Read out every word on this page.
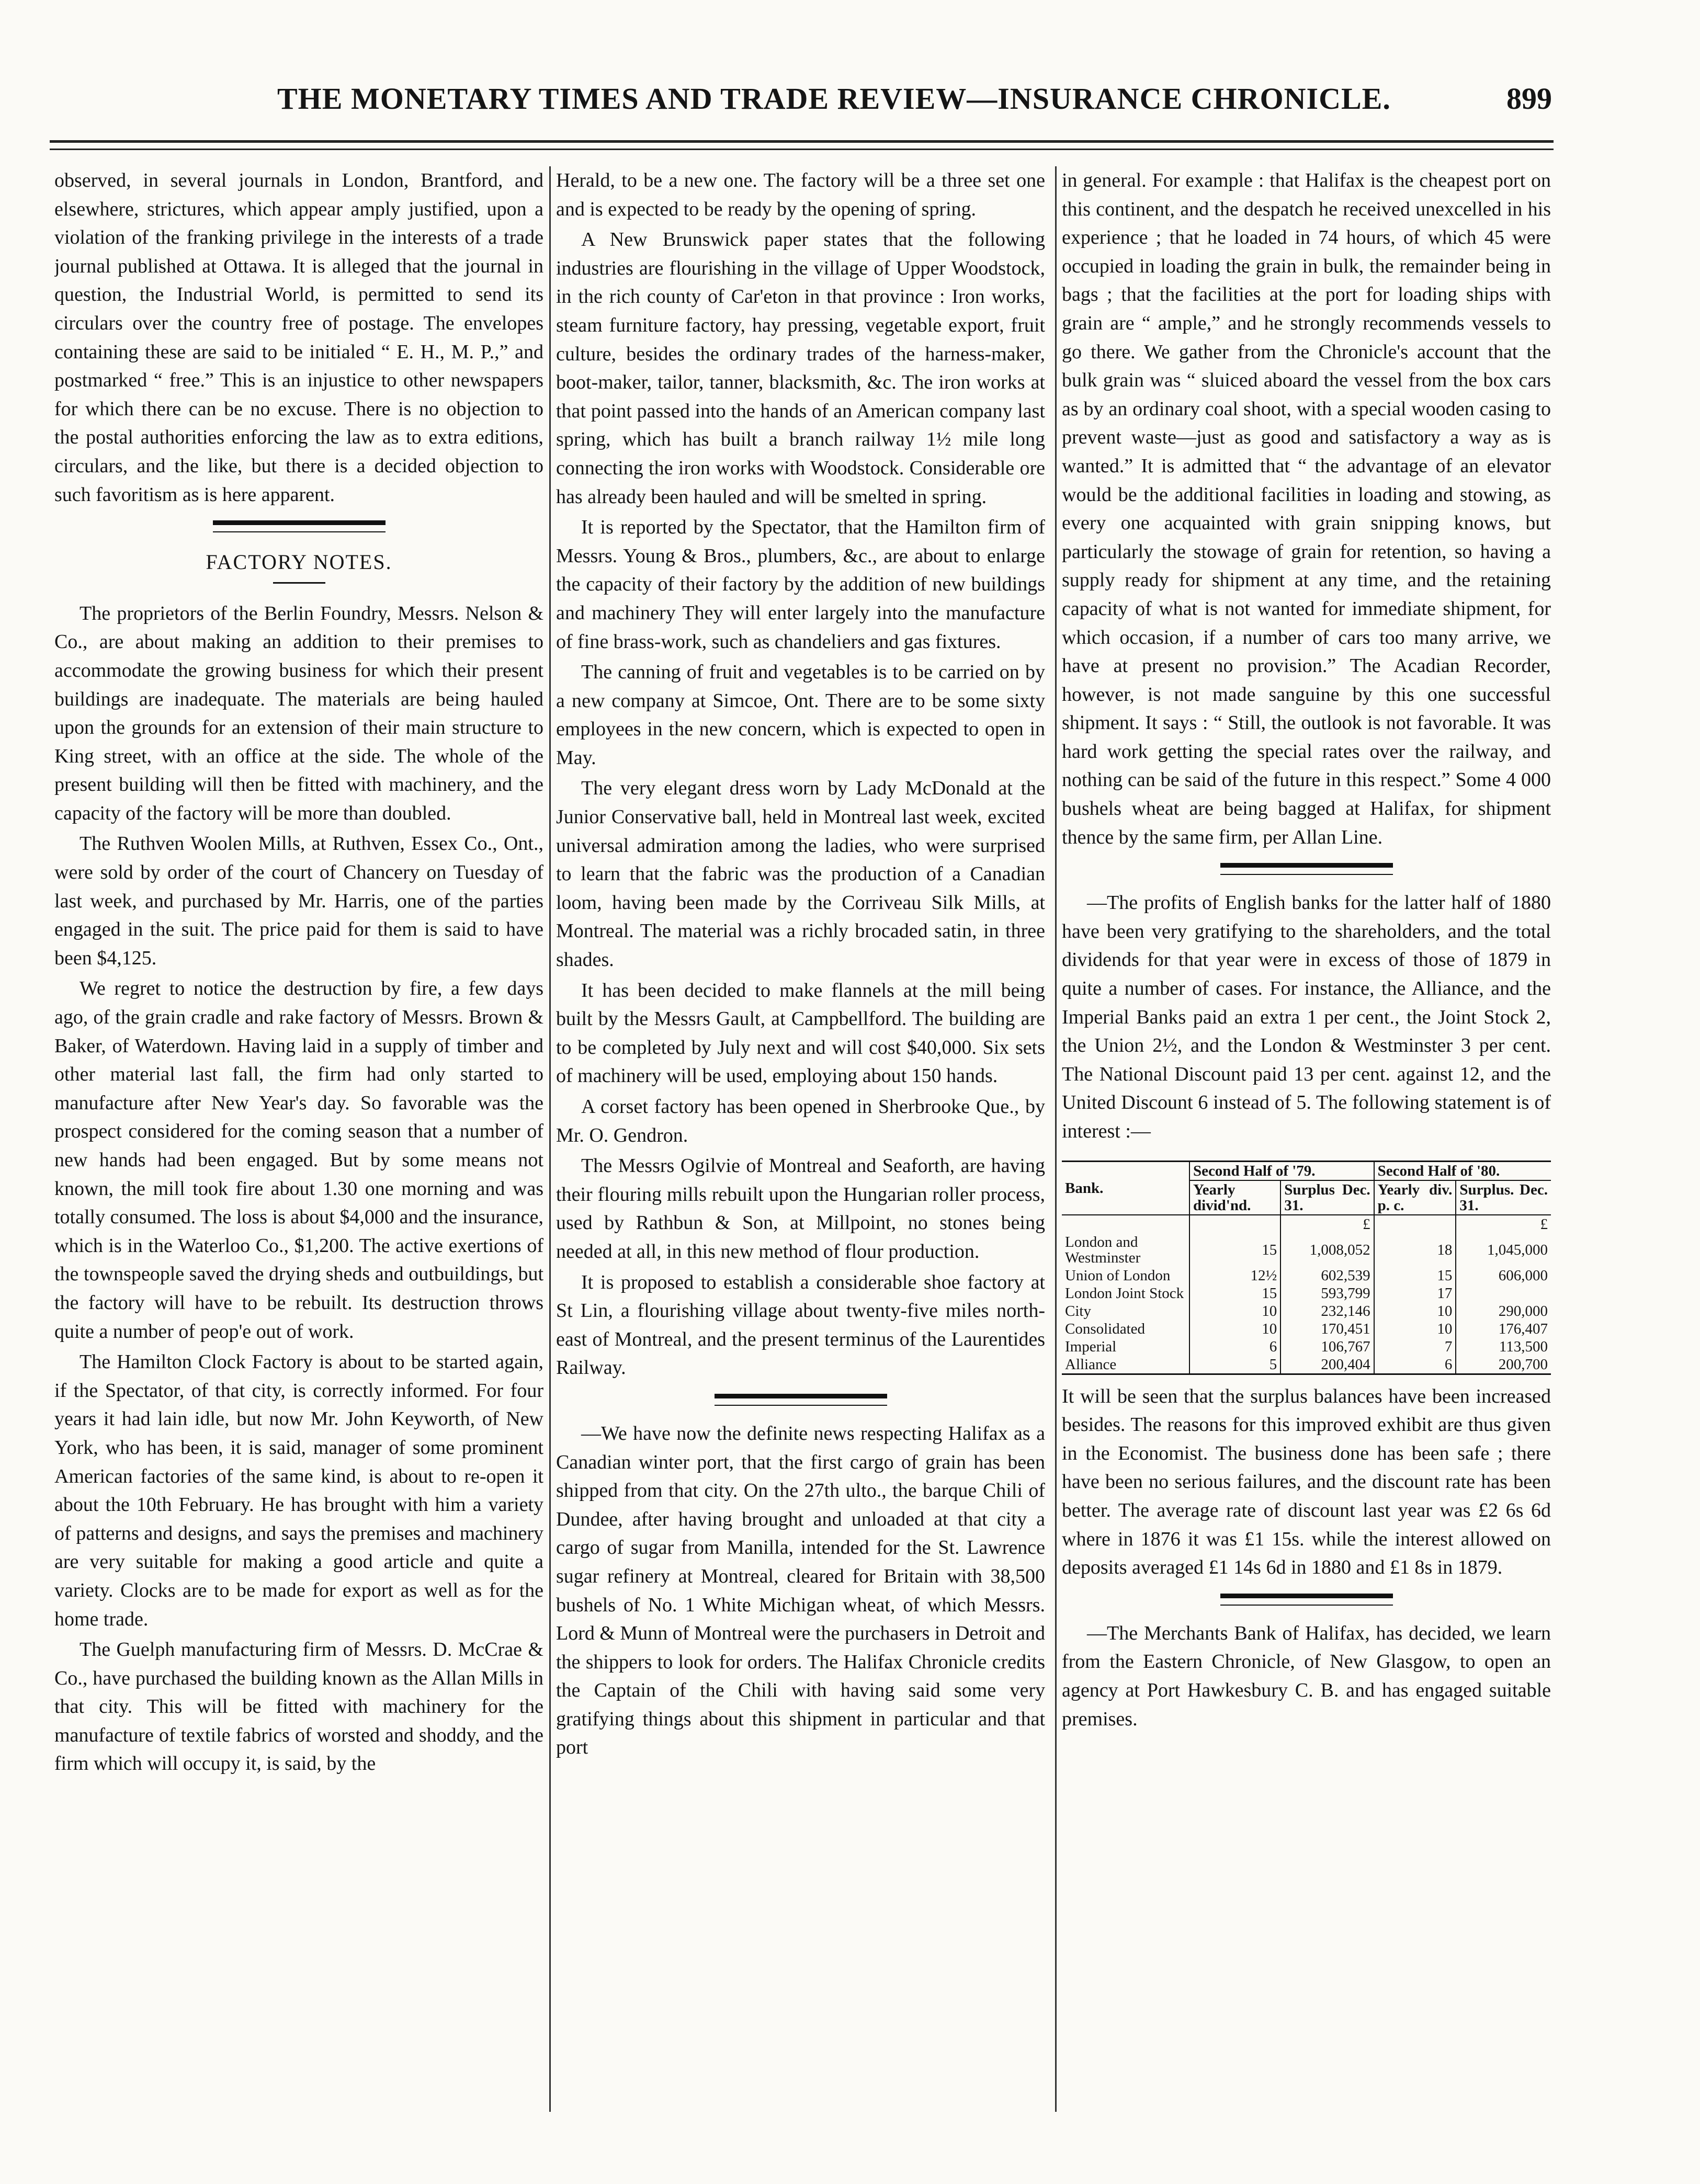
THE MONETARY TIMES AND TRADE REVIEW—INSURANCE CHRONICLE.	899

observed, in several journals in London, Brantford, and elsewhere, strictures, which appear amply justified, upon a violation of the franking privilege in the interests of a trade journal published at Ottawa. It is alleged that the journal in question, the Industrial World, is permitted to send its circulars over the country free of postage. The envelopes containing these are said to be initialed “ E. H., M. P.,” and postmarked “ free.” This is an injustice to other newspapers for which there can be no excuse. There is no objection to the postal authorities enforcing the law as to extra editions, circulars, and the like, but there is a decided objection to such favoritism as is here apparent.

FACTORY NOTES.

The proprietors of the Berlin Foundry, Messrs. Nelson & Co., are about making an addition to their premises to accommodate the growing business for which their present buildings are inadequate. The materials are being hauled upon the grounds for an extension of their main structure to King street, with an office at the side. The whole of the present building will then be fitted with machinery, and the capacity of the factory will be more than doubled.

The Ruthven Woolen Mills, at Ruthven, Essex Co., Ont., were sold by order of the court of Chancery on Tuesday of last week, and purchased by Mr. Harris, one of the parties engaged in the suit. The price paid for them is said to have been $4,125.

We regret to notice the destruction by fire, a few days ago, of the grain cradle and rake factory of Messrs. Brown & Baker, of Waterdown. Having laid in a supply of timber and other material last fall, the firm had only started to manufacture after New Year's day. So favorable was the prospect considered for the coming season that a number of new hands had been engaged. But by some means not known, the mill took fire about 1.30 one morning and was totally consumed. The loss is about $4,000 and the insurance, which is in the Waterloo Co., $1,200. The active exertions of the townspeople saved the drying sheds and outbuildings, but the factory will have to be rebuilt. Its destruction throws quite a number of peop'e out of work.

The Hamilton Clock Factory is about to be started again, if the Spectator, of that city, is correctly informed. For four years it had lain idle, but now Mr. John Keyworth, of New York, who has been, it is said, manager of some prominent American factories of the same kind, is about to re-open it about the 10th February. He has brought with him a variety of patterns and designs, and says the premises and machinery are very suitable for making a good article and quite a variety. Clocks are to be made for export as well as for the home trade.

The Guelph manufacturing firm of Messrs. D. McCrae & Co., have purchased the building known as the Allan Mills in that city. This will be fitted with machinery for the manufacture of textile fabrics of worsted and shoddy, and the firm which will occupy it, is said, by the

Herald, to be a new one. The factory will be a three set one and is expected to be ready by the opening of spring.

A New Brunswick paper states that the following industries are flourishing in the village of Upper Woodstock, in the rich county of Car'eton in that province : Iron works, steam furniture factory, hay pressing, vegetable export, fruit culture, besides the ordinary trades of the harness-maker, boot-maker, tailor, tanner, blacksmith, &c. The iron works at that point passed into the hands of an American company last spring, which has built a branch railway 1½ mile long connecting the iron works with Woodstock. Considerable ore has already been hauled and will be smelted in spring.

It is reported by the Spectator, that the Hamilton firm of Messrs. Young & Bros., plumbers, &c., are about to enlarge the capacity of their factory by the addition of new buildings and machinery They will enter largely into the manufacture of fine brass-work, such as chandeliers and gas fixtures.

The canning of fruit and vegetables is to be carried on by a new company at Simcoe, Ont. There are to be some sixty employees in the new concern, which is expected to open in May.

The very elegant dress worn by Lady McDonald at the Junior Conservative ball, held in Montreal last week, excited universal admiration among the ladies, who were surprised to learn that the fabric was the production of a Canadian loom, having been made by the Corriveau Silk Mills, at Montreal. The material was a richly brocaded satin, in three shades.

It has been decided to make flannels at the mill being built by the Messrs Gault, at Campbellford. The building are to be completed by July next and will cost $40,000. Six sets of machinery will be used, employing about 150 hands.

A corset factory has been opened in Sherbrooke Que., by Mr. O. Gendron.

The Messrs Ogilvie of Montreal and Seaforth, are having their flouring mills rebuilt upon the Hungarian roller process, used by Rathbun & Son, at Millpoint, no stones being needed at all, in this new method of flour production.

It is proposed to establish a considerable shoe factory at St Lin, a flourishing village about twenty-five miles north-east of Montreal, and the present terminus of the Laurentides Railway.

—We have now the definite news respecting Halifax as a Canadian winter port, that the first cargo of grain has been shipped from that city. On the 27th ulto., the barque Chili of Dundee, after having brought and unloaded at that city a cargo of sugar from Manilla, intended for the St. Lawrence sugar refinery at Montreal, cleared for Britain with 38,500 bushels of No. 1 White Michigan wheat, of which Messrs. Lord & Munn of Montreal were the purchasers in Detroit and the shippers to look for orders. The Halifax Chronicle credits the Captain of the Chili with having said some very gratifying things about this shipment in particular and that port

in general. For example : that Halifax is the cheapest port on this continent, and the despatch he received unexcelled in his experience ; that he loaded in 74 hours, of which 45 were occupied in loading the grain in bulk, the remainder being in bags ; that the facilities at the port for loading ships with grain are “ ample,” and he strongly recommends vessels to go there. We gather from the Chronicle's account that the bulk grain was “ sluiced aboard the vessel from the box cars as by an ordinary coal shoot, with a special wooden casing to prevent waste—just as good and satisfactory a way as is wanted.” It is admitted that “ the advantage of an elevator would be the additional facilities in loading and stowing, as every one acquainted with grain snipping knows, but particularly the stowage of grain for retention, so having a supply ready for shipment at any time, and the retaining capacity of what is not wanted for immediate shipment, for which occasion, if a number of cars too many arrive, we have at present no provision.” The Acadian Recorder, however, is not made sanguine by this one successful shipment. It says : “ Still, the outlook is not favorable. It was hard work getting the special rates over the railway, and nothing can be said of the future in this respect.” Some 4 000 bushels wheat are being bagged at Halifax, for shipment thence by the same firm, per Allan Line.

—The profits of English banks for the latter half of 1880 have been very gratifying to the shareholders, and the total dividends for that year were in excess of those of 1879 in quite a number of cases. For instance, the Alliance, and the Imperial Banks paid an extra 1 per cent., the Joint Stock 2, the Union 2½, and the London & Westminster 3 per cent. The National Discount paid 13 per cent. against 12, and the United Discount 6 instead of 5. The following statement is of interest :—

Bank.	Second Half of '79.		Second Half of '80.	
	Yearly divid'nd.	Surplus Dec. 31.	Yearly div. p. c.	Surplus. Dec. 31.
		£		£
London and Westminster	15	1,008,052	18	1,045,000
Union of London	12½	602,539	15	606,000
London Joint Stock	15	593,799	17	
City	10	232,146	10	290,000
Consolidated	10	170,451	10	176,407
Imperial	6	106,767	7	113,500
Alliance	5	200,404	6	200,700

It will be seen that the surplus balances have been increased besides. The reasons for this improved exhibit are thus given in the Economist. The business done has been safe ; there have been no serious failures, and the discount rate has been better. The average rate of discount last year was £2 6s 6d where in 1876 it was £1 15s. while the interest allowed on deposits averaged £1 14s 6d in 1880 and £1 8s in 1879.

—The Merchants Bank of Halifax, has decided, we learn from the Eastern Chronicle, of New Glasgow, to open an agency at Port Hawkesbury C. B. and has engaged suitable premises.
